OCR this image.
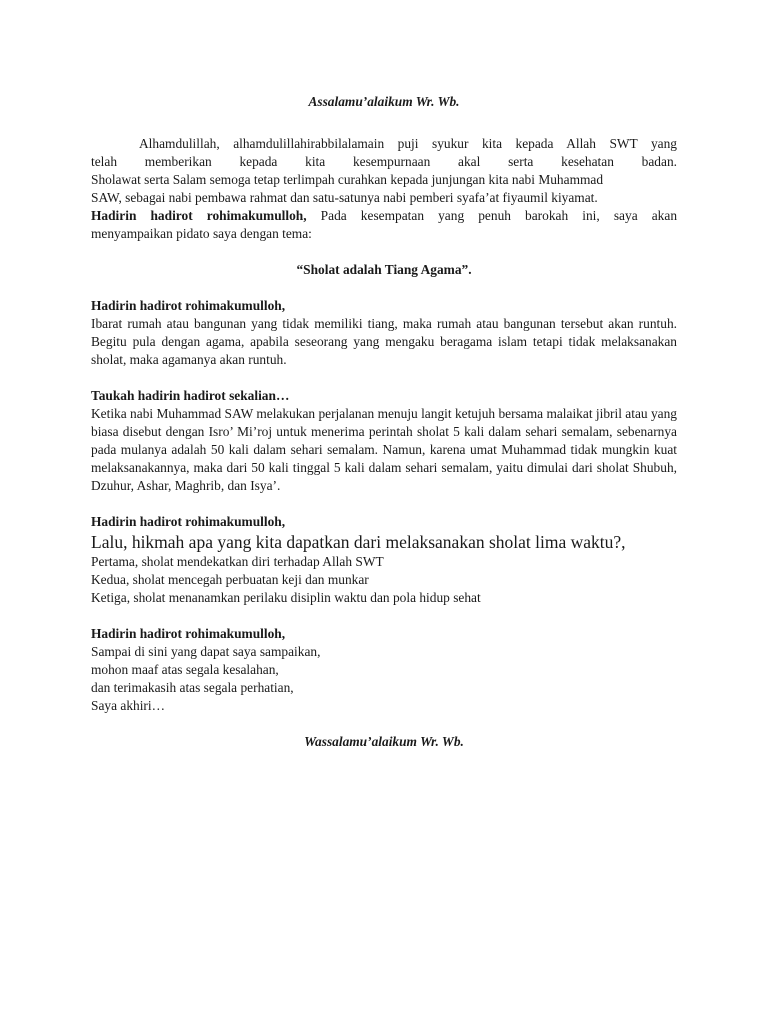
Assalamu’alaikum Wr. Wb.

Alhamdulillah, alhamdulillahirabbilalamain puji syukur kita kepada Allah SWT yang
telah memberikan kepada kita kesempurnaan akal serta kesehatan badan.
Sholawat serta Salam semoga tetap terlimpah curahkan kepada junjungan kita nabi Muhammad
SAW, sebagai nabi pembawa rahmat dan satu-satunya nabi pemberi syafa’at fiyaumil kiyamat.
Hadirin hadirot rohimakumulloh, Pada kesempatan yang penuh barokah ini, saya akan
menyampaikan pidato saya dengan tema:

“Sholat adalah Tiang Agama”.

Hadirin hadirot rohimakumulloh,

Ibarat rumah atau bangunan yang tidak memiliki tiang, maka rumah atau bangunan tersebut akan runtuh. Begitu pula dengan agama, apabila seseorang yang mengaku beragama islam tetapi tidak melaksanakan sholat, maka agamanya akan runtuh.

Taukah hadirin hadirot sekalian…

Ketika nabi Muhammad SAW melakukan perjalanan menuju langit ketujuh bersama malaikat jibril atau yang biasa disebut dengan Isro’ Mi’roj untuk menerima perintah sholat 5 kali dalam sehari semalam, sebenarnya pada mulanya adalah 50 kali dalam sehari semalam. Namun, karena umat Muhammad tidak mungkin kuat melaksanakannya, maka dari 50 kali tinggal 5 kali dalam sehari semalam, yaitu dimulai dari sholat Shubuh, Dzuhur, Ashar, Maghrib, dan Isya’.

Hadirin hadirot rohimakumulloh,

Lalu, hikmah apa yang kita dapatkan dari melaksanakan sholat lima waktu?,

Pertama, sholat mendekatkan diri terhadap Allah SWT

Kedua, sholat mencegah perbuatan keji dan munkar

Ketiga, sholat menanamkan perilaku disiplin waktu dan pola hidup sehat

Hadirin hadirot rohimakumulloh,

Sampai di sini yang dapat saya sampaikan,

mohon maaf atas segala kesalahan,

dan terimakasih atas segala perhatian,

Saya akhiri…

Wassalamu’alaikum Wr. Wb.
